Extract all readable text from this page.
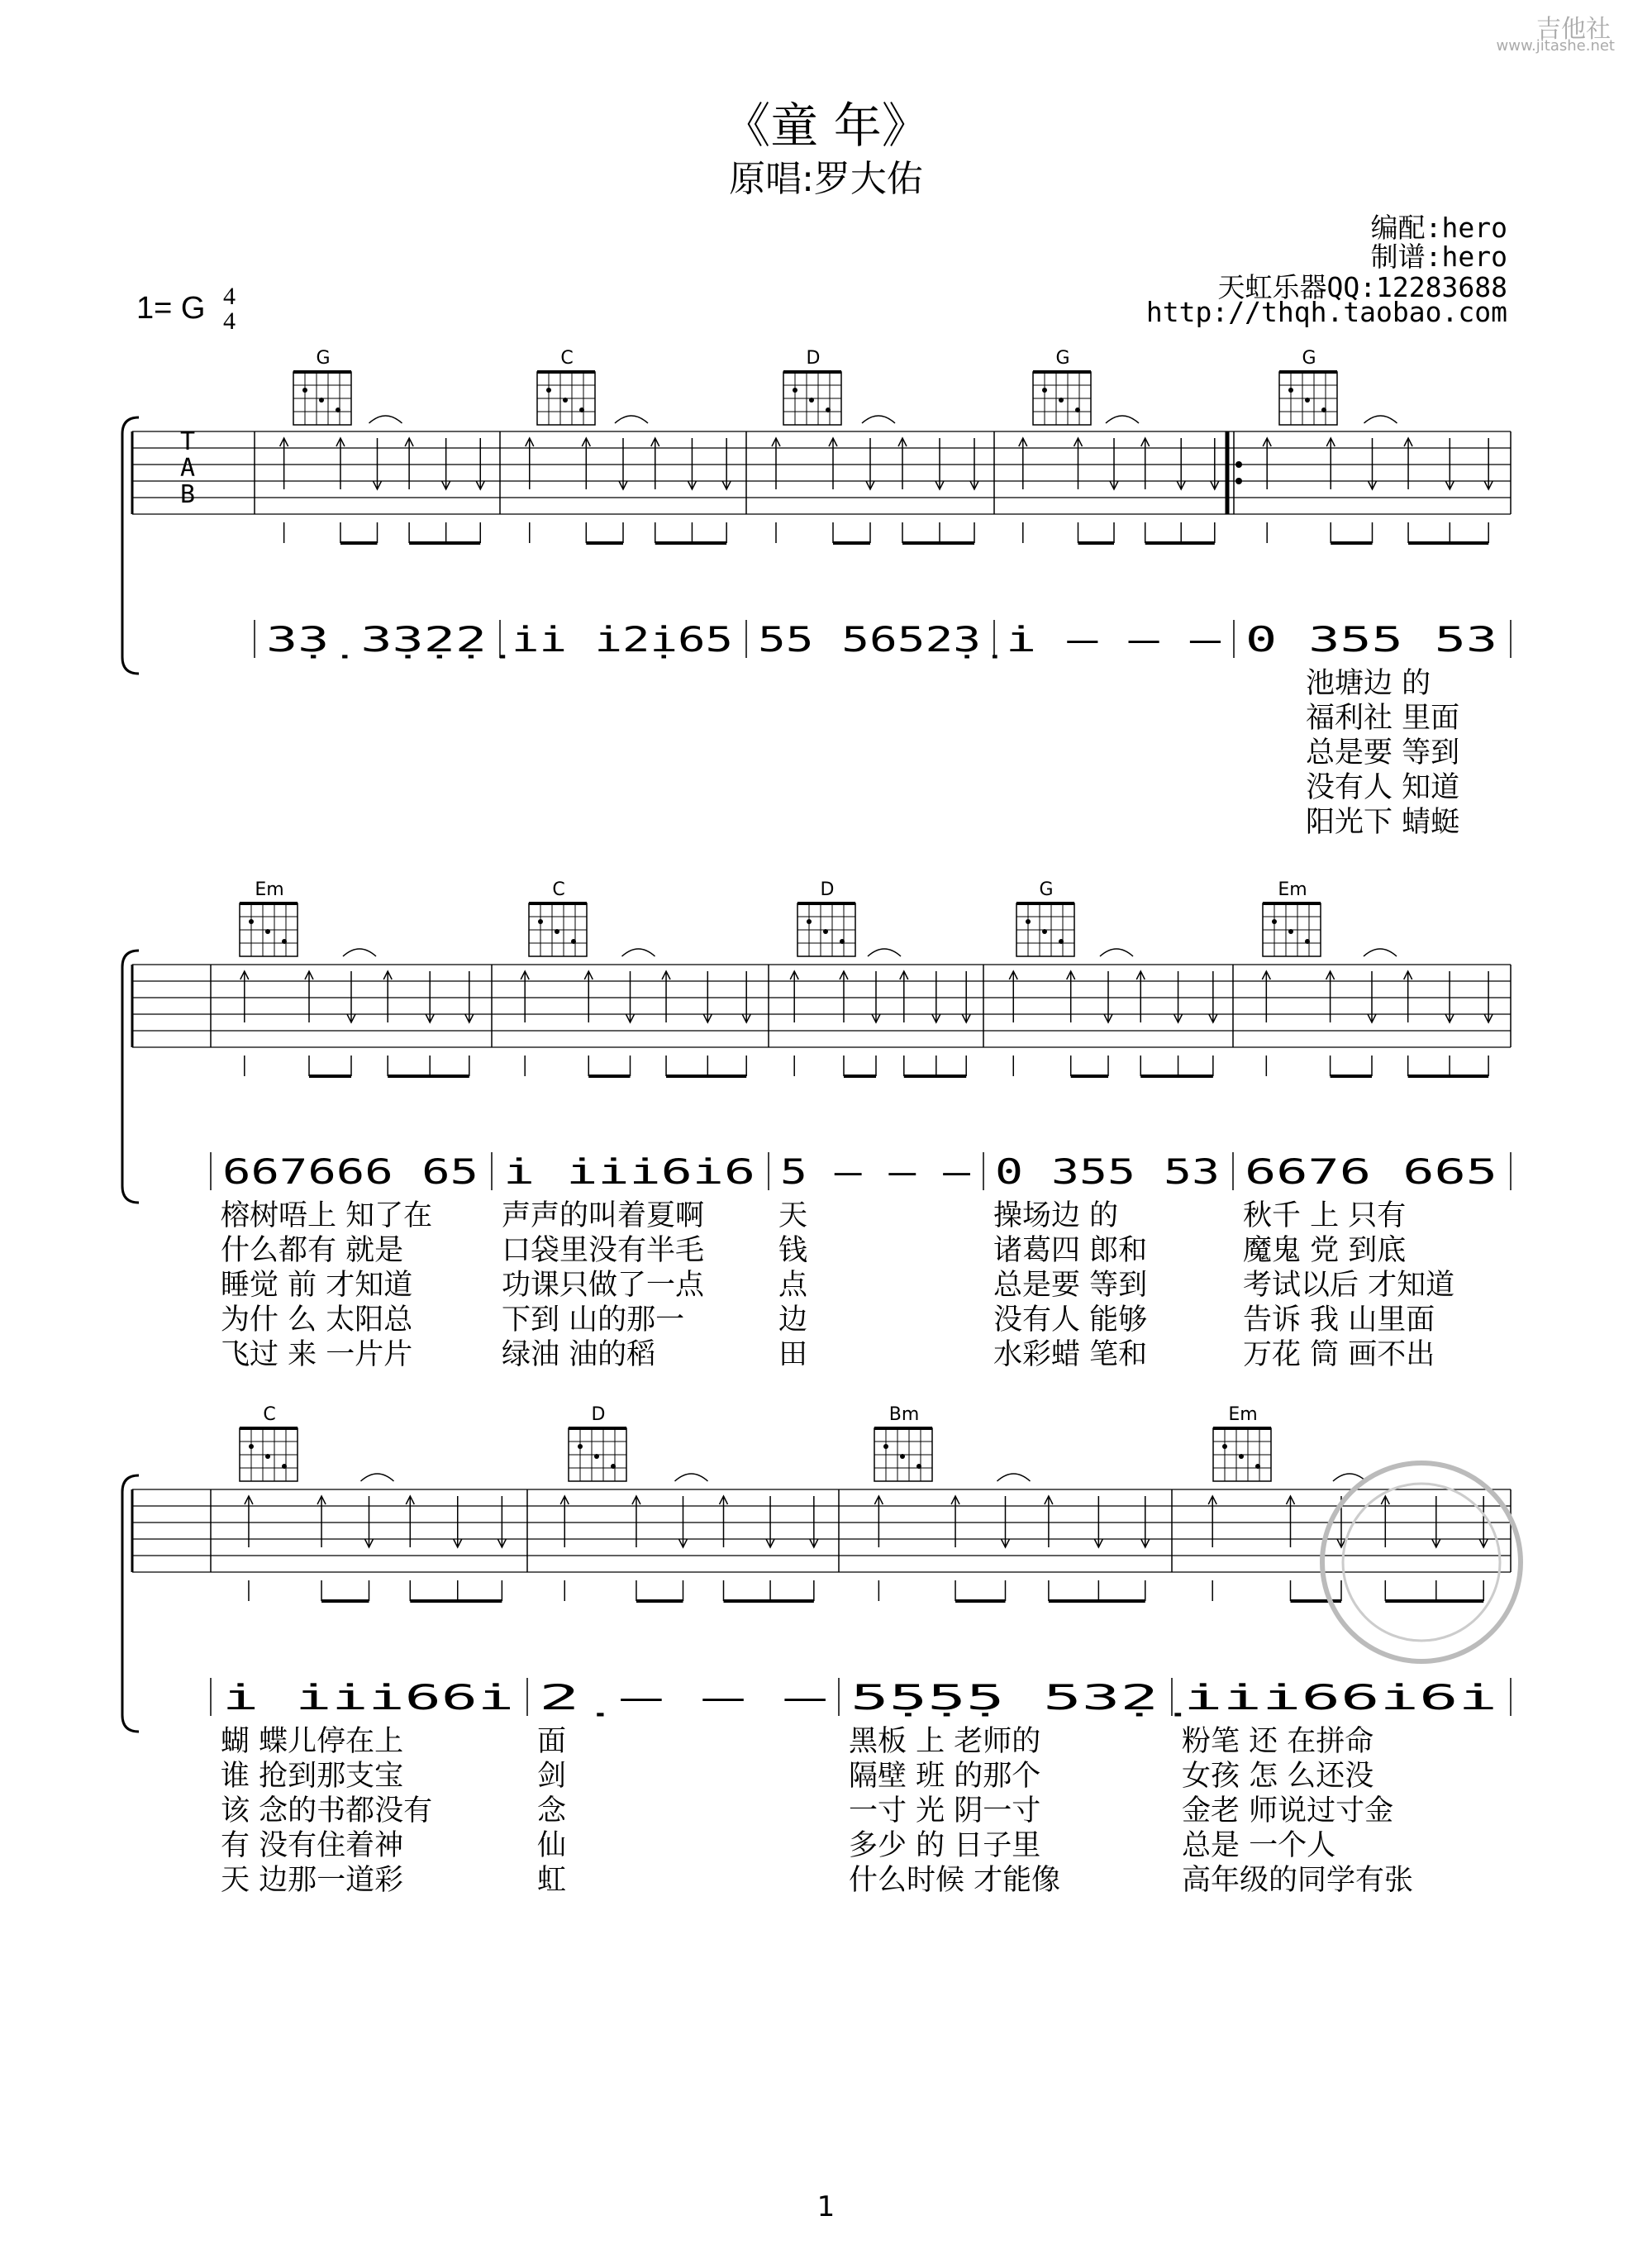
《童 年》
原唱:罗大佑
编配:hero
制谱:hero
天虹乐器QQ:12283688
http://thqh.taobao.com
1= G 4
4
吉他社
www.jitashe.net
T
A
B
G	C	D	G	G
3̣3̣ 3̣3̣2̣2̣ i̇i̇ i̇2̣i̇65 55 5652̣3̣ i̇ – – – 0 355 53
池塘边 的
福利社 里面
总是要 等到
没有人 知道
阳光下 蜻蜓
Em	C	D	G	Em
667666 65 i̇ i̇i̇i̇6i̇6 5 – – – 0 355 53 6676 665
榕树唔上 知了在 声声的叫着夏啊	天	操场边 的	秋千 上 只有
什么都有 就是	口袋里没有半毛	钱	诸葛四 郎和	魔鬼 党 到底
睡觉 前 才知道	功课只做了一点	点	总是要 等到	考试以后 才知道
为什 么 太阳总	下到 山的那一	边	没有人 能够	告诉 我 山里面
飞过 来 一片片	绿油 油的稻	田	水彩蜡 笔和	万花 筒 画不出
C	D	Bm	Em
i̇ i̇i̇i̇66i̇ 2̣ – – – 5̣5̣5̣5 53̣2̣ i̇i̇i̇66i̇6i̇
蝴 蝶儿停在上	面	黑板 上 老师的	粉笔 还 在拼命
谁 抢到那支宝	剑	隔壁 班 的那个	女孩 怎 么还没
该 念的书都没有	念	一寸 光 阴一寸	金老 师说过寸金
有 没有住着神	仙	多少 的 日子里	总是 一个人
天 边那一道彩	虹	什么时候 才能像	高年级的同学有张
1
